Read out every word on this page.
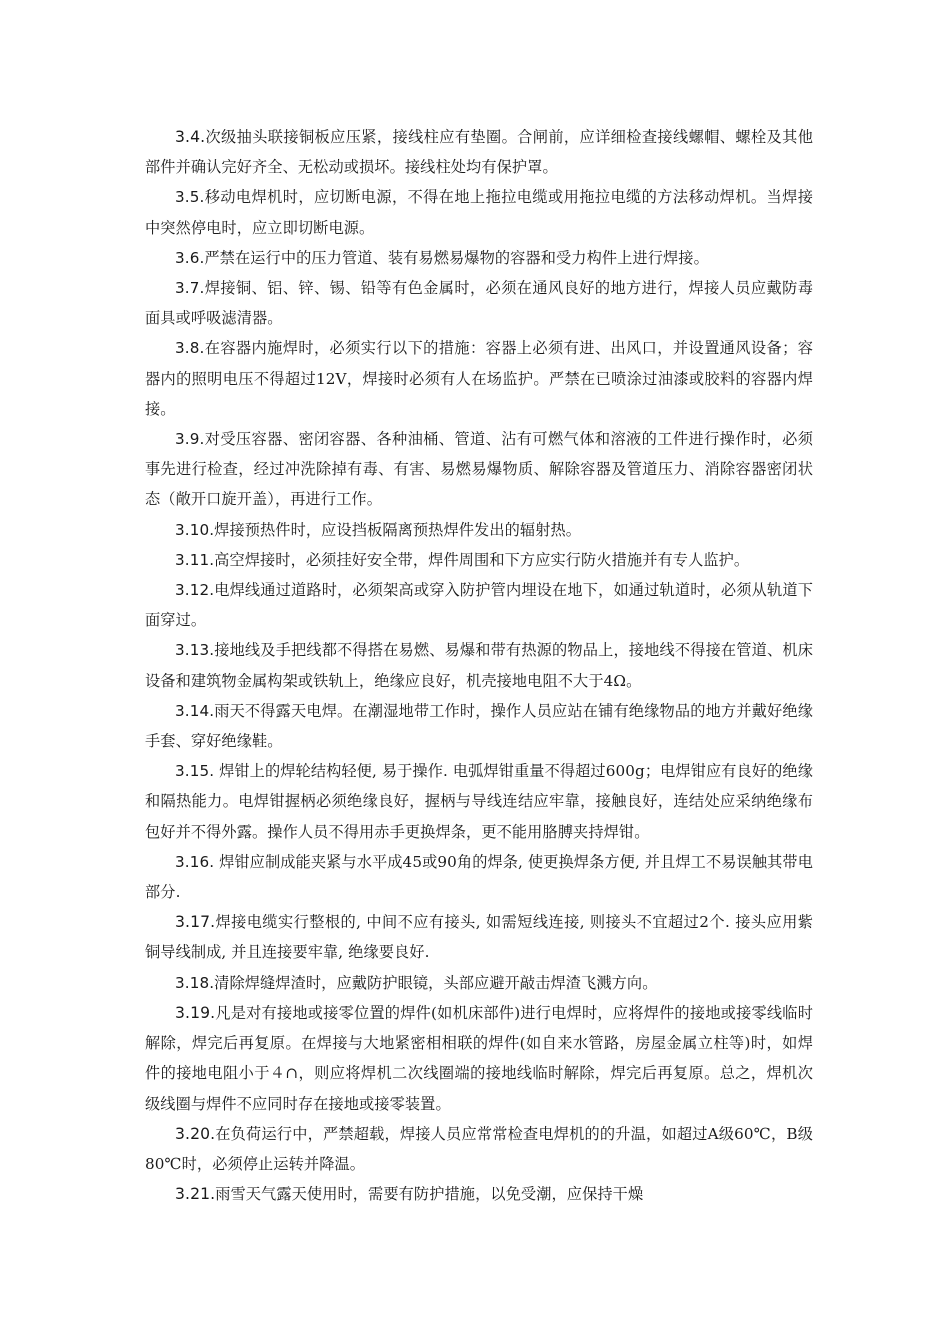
3.4.次级抽头联接铜板应压紧，接线柱应有垫圈。合闸前，应详细检查接线螺帽、螺栓及其他部件并确认完好齐全、无松动或损坏。接线柱处均有保护罩。

3.5.移动电焊机时，应切断电源，不得在地上拖拉电缆或用拖拉电缆的方法移动焊机。当焊接中突然停电时，应立即切断电源。

3.6.严禁在运行中的压力管道、装有易燃易爆物的容器和受力构件上进行焊接。

3.7.焊接铜、铝、锌、锡、铅等有色金属时，必须在通风良好的地方进行，焊接人员应戴防毒面具或呼吸滤清器。

3.8.在容器内施焊时，必须实行以下的措施：容器上必须有进、出风口，并设置通风设备；容器内的照明电压不得超过12V，焊接时必须有人在场监护。严禁在已喷涂过油漆或胶料的容器内焊接。

3.9.对受压容器、密闭容器、各种油桶、管道、沾有可燃气体和溶液的工件进行操作时，必须事先进行检查，经过冲洗除掉有毒、有害、易燃易爆物质、解除容器及管道压力、消除容器密闭状态（敞开口旋开盖），再进行工作。

3.10.焊接预热件时，应设挡板隔离预热焊件发出的辐射热。

3.11.高空焊接时，必须挂好安全带，焊件周围和下方应实行防火措施并有专人监护。

3.12.电焊线通过道路时，必须架高或穿入防护管内埋设在地下，如通过轨道时，必须从轨道下面穿过。

3.13.接地线及手把线都不得搭在易燃、易爆和带有热源的物品上，接地线不得接在管道、机床设备和建筑物金属构架或铁轨上，绝缘应良好，机壳接地电阻不大于4Ω。

3.14.雨天不得露天电焊。在潮湿地带工作时，操作人员应站在铺有绝缘物品的地方并戴好绝缘手套、穿好绝缘鞋。

3.15. 焊钳上的焊轮结构轻便, 易于操作. 电弧焊钳重量不得超过600g；电焊钳应有良好的绝缘和隔热能力。电焊钳握柄必须绝缘良好，握柄与导线连结应牢靠，接触良好，连结处应采纳绝缘布包好并不得外露。操作人员不得用赤手更换焊条，更不能用胳膊夹持焊钳。

3.16. 焊钳应制成能夹紧与水平成45或90角的焊条, 使更换焊条方便, 并且焊工不易误触其带电部分.

3.17.焊接电缆实行整根的, 中间不应有接头, 如需短线连接, 则接头不宜超过2个. 接头应用紫铜导线制成, 并且连接要牢靠, 绝缘要良好.

3.18.清除焊缝焊渣时，应戴防护眼镜，头部应避开敲击焊渣飞溅方向。

3.19.凡是对有接地或接零位置的焊件(如机床部件)进行电焊时，应将焊件的接地或接零线临时解除，焊完后再复原。在焊接与大地紧密相相联的焊件(如自来水管路，房屋金属立柱等)时，如焊件的接地电阻小于４∩，则应将焊机二次线圈端的接地线临时解除，焊完后再复原。总之，焊机次级线圈与焊件不应同时存在接地或接零装置。

3.20.在负荷运行中，严禁超载，焊接人员应常常检查电焊机的的升温，如超过A级60℃，B级80℃时，必须停止运转并降温。

3.21.雨雪天气露天使用时，需要有防护措施，以免受潮，应保持干燥
